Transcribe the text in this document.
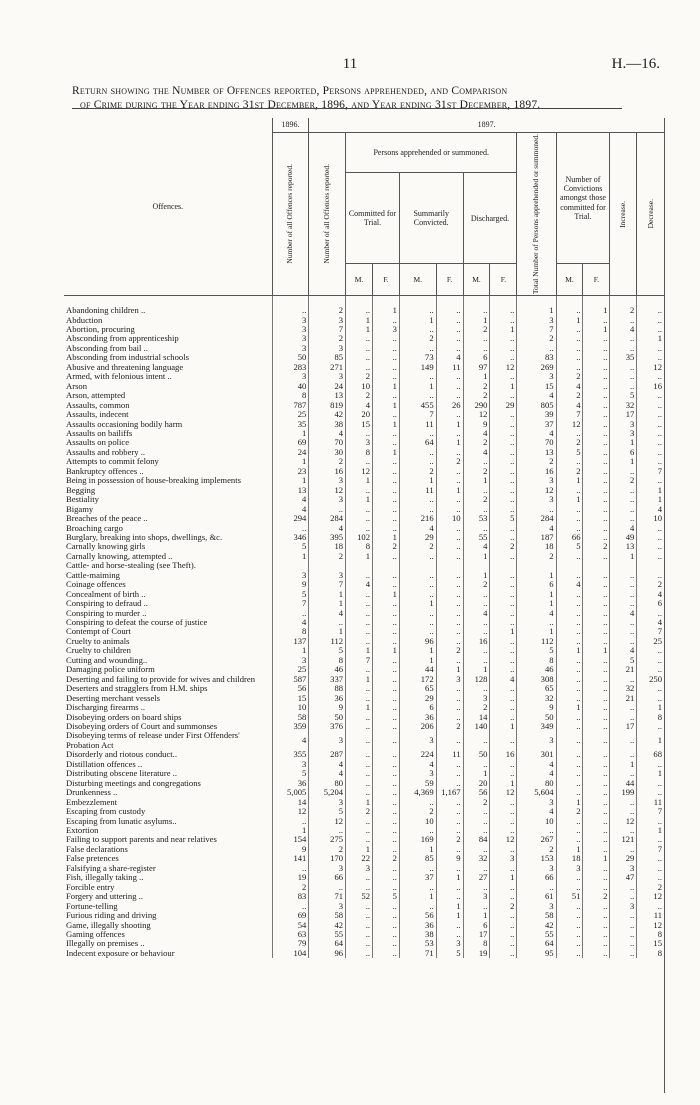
11	H.—16.
Return showing the Number of Offences reported, Persons apprehended, and Comparison
of Crime during the Year ending 31st December, 1896, and Year ending 31st December, 1897.
Offences.	1896.	1897.											

	Number of all Offences reported.	Number of all Offences reported.	Persons apprehended or summoned.						Total Number of Persons apprehended or summoned.	Number of Convictions amongst those committed for Trial.		Increase.	Decrease.

			Committed for Trial.		Summarily Convicted.		Discharged.						
			M.	F.	M.	F.	M.	F.		M.	F.		

Abandoning children ..	..	2	..	1	..	..	..	..	1	..	1	2	..
Abduction	3	3	1	..	1	..	1	..	3	1	..	..	..
Abortion, procuring	3	7	1	3	..	..	2	1	7	..	1	4	..
Absconding from apprenticeship	3	2	..	..	2	..	..	..	2	..	..	..	1
Absconding from bail ..	3	3	..	..	..	..	..	..	..	..	..	..	..
Absconding from industrial schools	50	85	..	..	73	4	6	..	83	..	..	35	..
Abusive and threatening language	283	271	..	..	149	11	97	12	269	..	..	..	12
Armed, with felonious intent ..	3	3	2	..	..	..	1	..	3	2	..	..	..
Arson	40	24	10	1	1	..	2	1	15	4	..	..	16
Arson, attempted	8	13	2	..	..	..	2	..	4	2	..	5	..
Assaults, common	787	819	4	1	455	26	290	29	805	4	..	32	..
Assaults, indecent	25	42	20	..	7	..	12	..	39	7	..	17	..
Assaults occasioning bodily harm	35	38	15	1	11	1	9	..	37	12	..	3	..
Assaults on bailiffs	1	4	..	..	..	..	4	..	4	..	..	3	..
Assaults on police	69	70	3	..	64	1	2	..	70	2	..	1	..
Assaults and robbery ..	24	30	8	1	..	..	4	..	13	5	..	6	..
Attempts to commit felony	1	2	..	..	..	2	..	..	2	..	..	1	..
Bankruptcy offences ..	23	16	12	..	2	..	2	..	16	2	..	..	7
Being in possession of house-breaking implements	1	3	1	..	1	..	1	..	3	1	..	2	..
Begging	13	12	..	..	11	1	..	..	12	..	..	..	1
Bestiality	4	3	1	..	..	..	2	..	3	1	..	..	1
Bigamy	4	..	..	..	..	..	..	..	..	..	..	..	4
Breaches of the peace ..	294	284	..	..	216	10	53	5	284	..	..	..	10
Broaching cargo	..	4	..	..	4	..	..	..	4	..	..	4	..
Burglary, breaking into shops, dwellings, &c.	346	395	102	1	29	..	55	..	187	66	..	49	..
Carnally knowing girls	5	18	8	2	2	..	4	2	18	5	2	13	..
Carnally knowing, attempted ..	1	2	1	..	..	..	1	..	2	..	..	1	..
Cattle- and horse-stealing (see Theft).													
Cattle-maiming	3	3	..	..	..	..	1	..	1	..	..	..	..
Coinage offences	9	7	4	..	..	..	2	..	6	4	..	..	2
Concealment of birth ..	5	1	..	1	..	..	..	..	1	..	..	..	4
Conspiring to defraud ..	7	1	..	..	1	..	..	..	1	..	..	..	6
Conspiring to murder ..	..	4	..	..	..	..	4	..	4	..	..	4	..
Conspiring to defeat the course of justice	4	..	..	..	..	..	..	..	..	..	..	..	4
Contempt of Court	8	1	..	..	..	..	..	1	1	..	..	..	7
Cruelty to animals	137	112	..	..	96	..	16	..	112	..	..	..	25
Cruelty to children	1	5	1	1	1	2	..	..	5	1	1	4	..
Cutting and wounding..	3	8	7	..	1	..	..	..	8	..	..	5	..
Damaging police uniform	25	46	..	..	44	1	1	..	46	..	..	21	..
Deserting and failing to provide for wives and children	587	337	1	..	172	3	128	4	308	..	..	..	250
Deserters and stragglers from H.M. ships	56	88	..	..	65	..	..	..	65	..	..	32	..
Deserting merchant vessels	15	36	..	..	29	..	3	..	32	..	..	21	..
Discharging firearms ..	10	9	1	..	6	..	2	..	9	1	..	..	1
Disobeying orders on board ships	58	50	..	..	36	..	14	..	50	..	..	..	8
Disobeying orders of Court and summonses	359	376	..	..	206	2	140	1	349	..	..	17	..
Disobeying terms of release under First Offenders' Probation Act	4	3	..	..	3	..	..	..	3	..	..	..	1
Disorderly and riotous conduct..	355	287	..	..	224	11	50	16	301	..	..	..	68
Distillation offences ..	3	4	..	..	4	..	..	..	4	..	..	1	..
Distributing obscene literature ..	5	4	..	..	3	..	1	..	4	..	..	..	1
Disturbing meetings and congregations	36	80	..	..	59	..	20	1	80	..	..	44	..
Drunkenness ..	5,005	5,204	..	..	4,369	1,167	56	12	5,604	..	..	199	..
Embezzlement	14	3	1	..	..	..	2	..	3	1	..	..	11
Escaping from custody	12	5	2	..	2	..	..	..	4	2	..	..	7
Escaping from lunatic asylums..	..	12	..	..	10	..	..	..	10	..	..	12	..
Extortion	1	..	..	..	..	..	..	..	..	..	..	..	1
Failing to support parents and near relatives	154	275	..	..	169	2	84	12	267	..	..	121	..
False declarations	9	2	1	..	1	..	..	..	2	1	..	..	7
False pretences	141	170	22	2	85	9	32	3	153	18	1	29	..
Falsifying a share-register	..	3	3	..	..	..	..	..	3	3	..	3	..
Fish, illegally taking ..	19	66	..	..	37	1	27	1	66	..	..	47	..
Forcible entry	2	..	..	..	..	..	..	..	..	..	..	..	2
Forgery and uttering ..	83	71	52	5	1	..	3	..	61	51	2	..	12
Fortune-telling	..	3	..	..	..	1	..	2	3	..	..	3	..
Furious riding and driving	69	58	..	..	56	1	1	..	58	..	..	..	11
Game, illegally shooting	54	42	..	..	36	..	6	..	42	..	..	..	12
Gaming offences	63	55	..	..	38	..	17	..	55	..	..	..	8
Illegally on premises ..	79	64	..	..	53	3	8	..	64	..	..	..	15
Indecent exposure or behaviour	104	96	..	..	71	5	19	..	95	..	..	..	8
